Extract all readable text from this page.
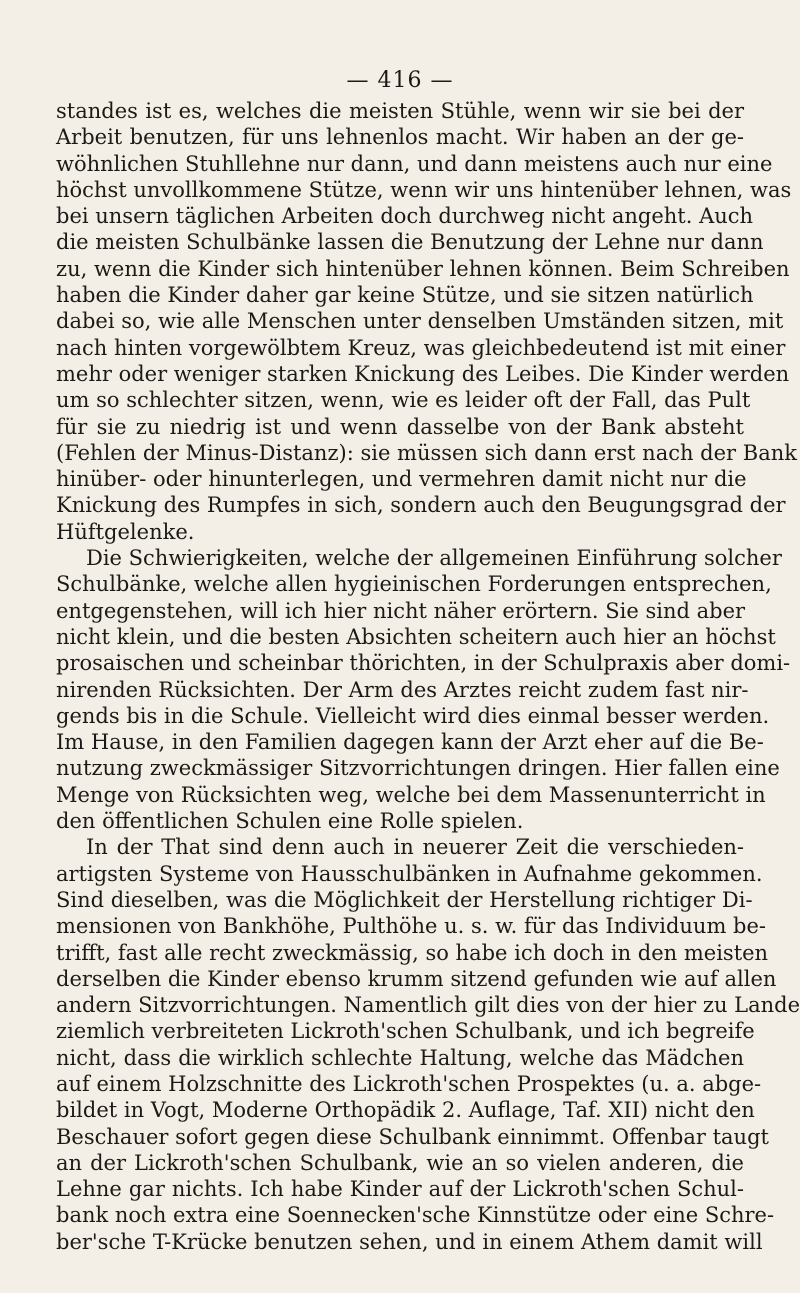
— 416 —
standes ist es, welches die meisten Stühle, wenn wir sie bei der
Arbeit benutzen, für uns lehnenlos macht. Wir haben an der ge-
wöhnlichen Stuhllehne nur dann, und dann meistens auch nur eine
höchst unvollkommene Stütze, wenn wir uns hintenüber lehnen, was
bei unsern täglichen Arbeiten doch durchweg nicht angeht. Auch
die meisten Schulbänke lassen die Benutzung der Lehne nur dann
zu, wenn die Kinder sich hintenüber lehnen können. Beim Schreiben
haben die Kinder daher gar keine Stütze, und sie sitzen natürlich
dabei so, wie alle Menschen unter denselben Umständen sitzen, mit
nach hinten vorgewölbtem Kreuz, was gleichbedeutend ist mit einer
mehr oder weniger starken Knickung des Leibes. Die Kinder werden
um so schlechter sitzen, wenn, wie es leider oft der Fall, das Pult
für sie zu niedrig ist und wenn dasselbe von der Bank absteht
(Fehlen der Minus-Distanz): sie müssen sich dann erst nach der Bank
hinüber- oder hinunterlegen, und vermehren damit nicht nur die
Knickung des Rumpfes in sich, sondern auch den Beugungsgrad der
Hüftgelenke.
Die Schwierigkeiten, welche der allgemeinen Einführung solcher
Schulbänke, welche allen hygieinischen Forderungen entsprechen,
entgegenstehen, will ich hier nicht näher erörtern. Sie sind aber
nicht klein, und die besten Absichten scheitern auch hier an höchst
prosaischen und scheinbar thörichten, in der Schulpraxis aber domi-
nirenden Rücksichten. Der Arm des Arztes reicht zudem fast nir-
gends bis in die Schule. Vielleicht wird dies einmal besser werden.
Im Hause, in den Familien dagegen kann der Arzt eher auf die Be-
nutzung zweckmässiger Sitzvorrichtungen dringen. Hier fallen eine
Menge von Rücksichten weg, welche bei dem Massenunterricht in
den öffentlichen Schulen eine Rolle spielen.
In der That sind denn auch in neuerer Zeit die verschieden-
artigsten Systeme von Hausschulbänken in Aufnahme gekommen.
Sind dieselben, was die Möglichkeit der Herstellung richtiger Di-
mensionen von Bankhöhe, Pulthöhe u. s. w. für das Individuum be-
trifft, fast alle recht zweckmässig, so habe ich doch in den meisten
derselben die Kinder ebenso krumm sitzend gefunden wie auf allen
andern Sitzvorrichtungen. Namentlich gilt dies von der hier zu Lande
ziemlich verbreiteten Lickroth'schen Schulbank, und ich begreife
nicht, dass die wirklich schlechte Haltung, welche das Mädchen
auf einem Holzschnitte des Lickroth'schen Prospektes (u. a. abge-
bildet in Vogt, Moderne Orthopädik 2. Auflage, Taf. XII) nicht den
Beschauer sofort gegen diese Schulbank einnimmt. Offenbar taugt
an der Lickroth'schen Schulbank, wie an so vielen anderen, die
Lehne gar nichts. Ich habe Kinder auf der Lickroth'schen Schul-
bank noch extra eine Soennecken'sche Kinnstütze oder eine Schre-
ber'sche T-Krücke benutzen sehen, und in einem Athem damit will
